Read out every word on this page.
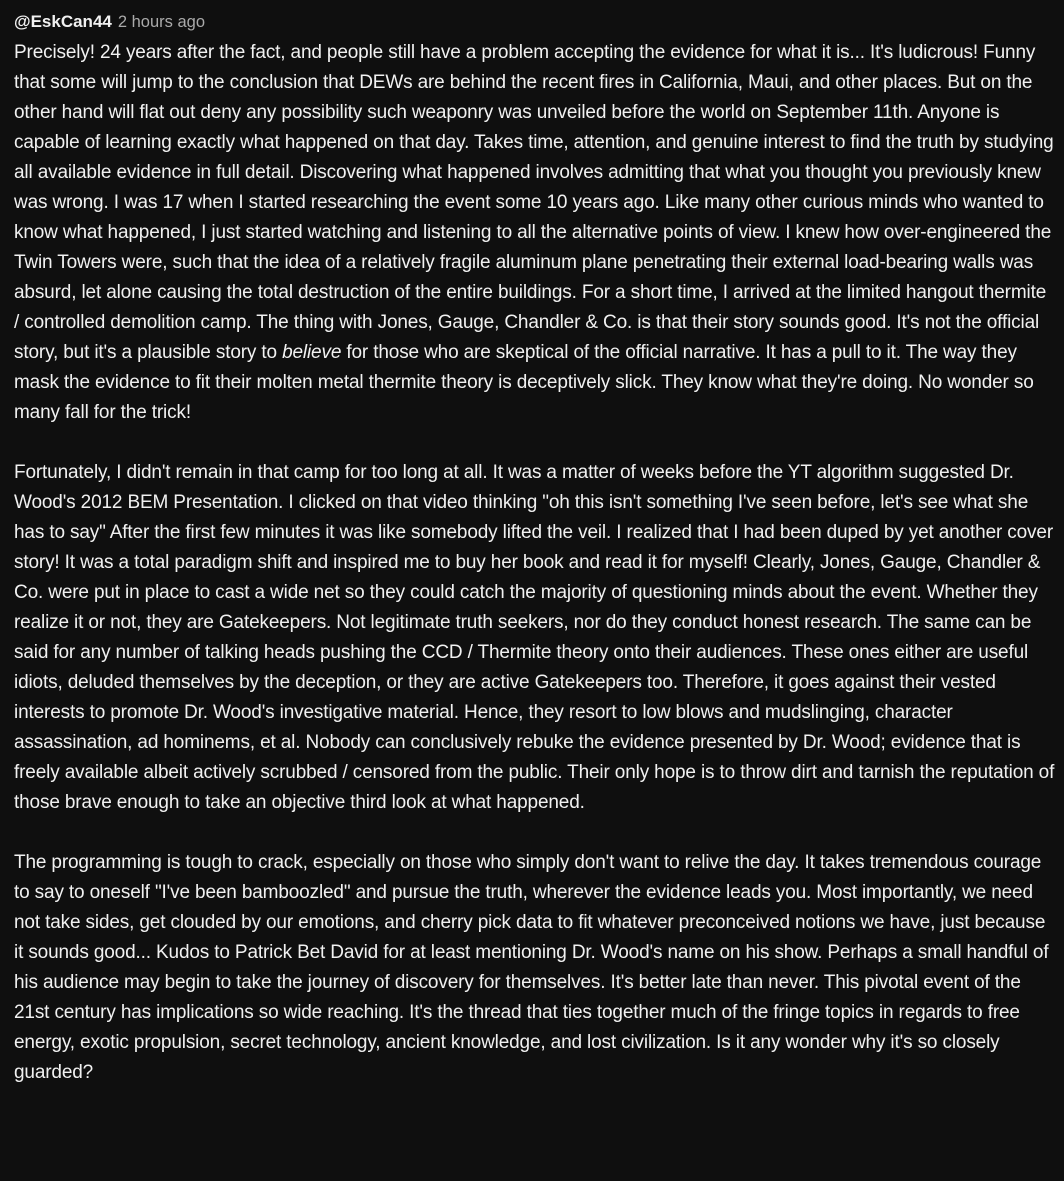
@EskCan44 2 hours ago

Precisely! 24 years after the fact, and people still have a problem accepting the evidence for what it is... It's ludicrous! Funny that some will jump to the conclusion that DEWs are behind the recent fires in California, Maui, and other places. But on the other hand will flat out deny any possibility such weaponry was unveiled before the world on September 11th. Anyone is capable of learning exactly what happened on that day. Takes time, attention, and genuine interest to find the truth by studying all available evidence in full detail. Discovering what happened involves admitting that what you thought you previously knew was wrong. I was 17 when I started researching the event some 10 years ago. Like many other curious minds who wanted to know what happened, I just started watching and listening to all the alternative points of view. I knew how over-engineered the Twin Towers were, such that the idea of a relatively fragile aluminum plane penetrating their external load-bearing walls was absurd, let alone causing the total destruction of the entire buildings. For a short time, I arrived at the limited hangout thermite / controlled demolition camp. The thing with Jones, Gauge, Chandler & Co. is that their story sounds good. It's not the official story, but it's a plausible story to believe for those who are skeptical of the official narrative. It has a pull to it. The way they mask the evidence to fit their molten metal thermite theory is deceptively slick. They know what they're doing. No wonder so many fall for the trick!

Fortunately, I didn't remain in that camp for too long at all. It was a matter of weeks before the YT algorithm suggested Dr. Wood's 2012 BEM Presentation. I clicked on that video thinking "oh this isn't something I've seen before, let's see what she has to say" After the first few minutes it was like somebody lifted the veil. I realized that I had been duped by yet another cover story! It was a total paradigm shift and inspired me to buy her book and read it for myself! Clearly, Jones, Gauge, Chandler & Co. were put in place to cast a wide net so they could catch the majority of questioning minds about the event. Whether they realize it or not, they are Gatekeepers. Not legitimate truth seekers, nor do they conduct honest research. The same can be said for any number of talking heads pushing the CCD / Thermite theory onto their audiences. These ones either are useful idiots, deluded themselves by the deception, or they are active Gatekeepers too. Therefore, it goes against their vested interests to promote Dr. Wood's investigative material. Hence, they resort to low blows and mudslinging, character assassination, ad hominems, et al. Nobody can conclusively rebuke the evidence presented by Dr. Wood; evidence that is freely available albeit actively scrubbed / censored from the public. Their only hope is to throw dirt and tarnish the reputation of those brave enough to take an objective third look at what happened.

The programming is tough to crack, especially on those who simply don't want to relive the day. It takes tremendous courage to say to oneself "I've been bamboozled" and pursue the truth, wherever the evidence leads you. Most importantly, we need not take sides, get clouded by our emotions, and cherry pick data to fit whatever preconceived notions we have, just because it sounds good... Kudos to Patrick Bet David for at least mentioning Dr. Wood's name on his show. Perhaps a small handful of his audience may begin to take the journey of discovery for themselves. It's better late than never. This pivotal event of the 21st century has implications so wide reaching. It's the thread that ties together much of the fringe topics in regards to free energy, exotic propulsion, secret technology, ancient knowledge, and lost civilization. Is it any wonder why it's so closely guarded?
